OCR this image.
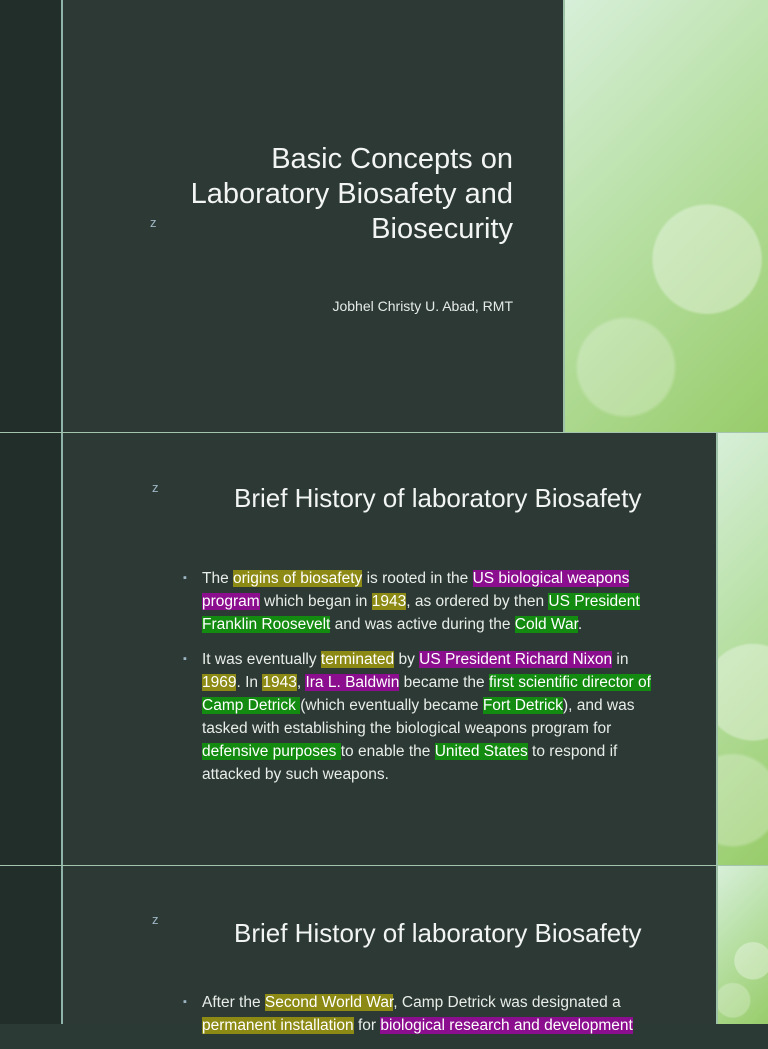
z
Basic Concepts on Laboratory Biosafety and Biosecurity
Jobhel Christy U. Abad, RMT
z	Brief History of laboratory Biosafety
▪ The origins of biosafety is rooted in the US biological weapons program which began in 1943, as ordered by then US President Franklin Roosevelt and was active during the Cold War.
▪ It was eventually terminated by US President Richard Nixon in 1969. In 1943, Ira L. Baldwin became the first scientific director of Camp Detrick (which eventually became Fort Detrick), and was tasked with establishing the biological weapons program for defensive purposes to enable the United States to respond if attacked by such weapons.
z	Brief History of laboratory Biosafety
▪ After the Second World War, Camp Detrick was designated a permanent installation for biological research and development
